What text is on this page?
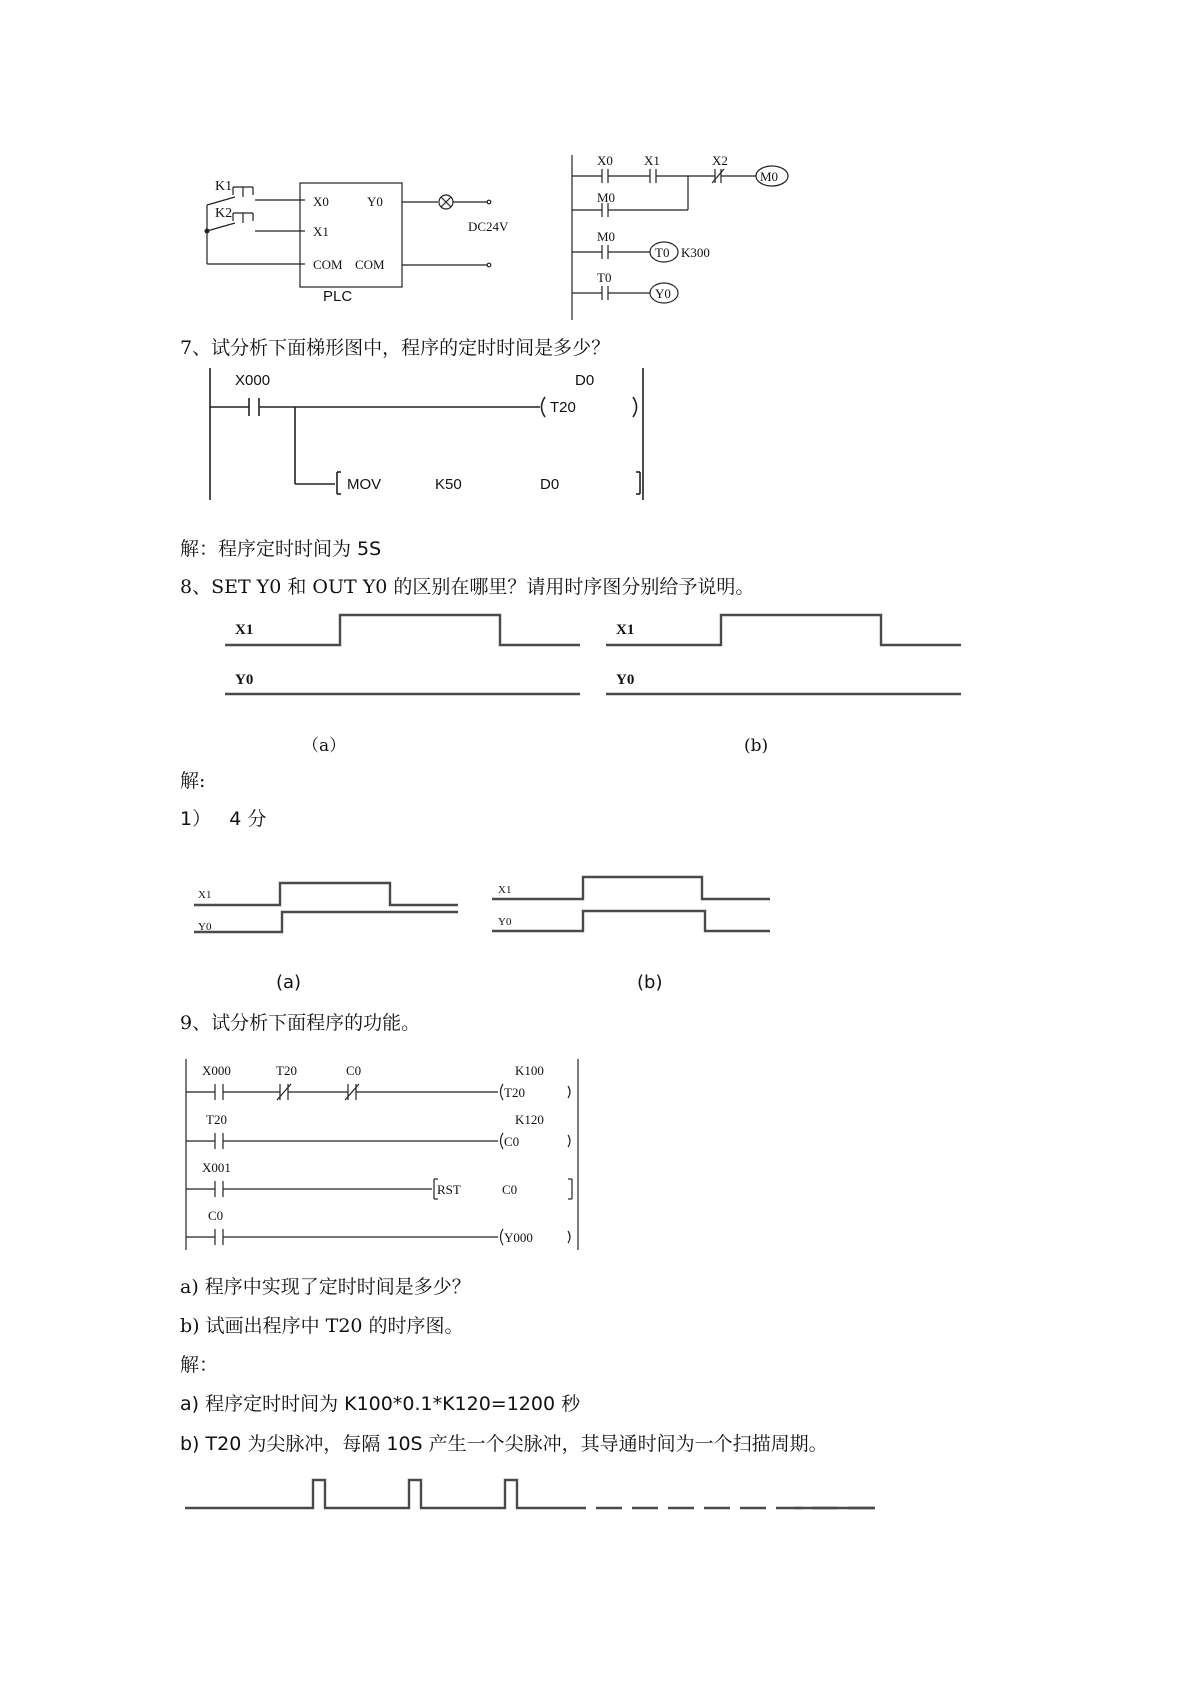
K1
K2
X0
X1
COM
Y0
COM
PLC
DC24V
X0 X1	X2
M0
M0
M0
T0 K300
T0
Y0
7、试分析下面梯形图中，程序的定时时间是多少？
X000	D0
T20
MOV	K50	D0
解：程序定时时间为 5S
8、SET Y0 和 OUT Y0 的区别在哪里？请用时序图分别给予说明。
X1
Y0
X1
Y0
（a）	(b)
解:
1）   4 分
X1
Y0
X1
Y0
(a)	(b)
9、试分析下面程序的功能。
X000	T20	C0	K100
T20
T20	K120
C0
X001
RST	C0
C0
Y000
a) 程序中实现了定时时间是多少？
b) 试画出程序中 T20 的时序图。
解：
a) 程序定时时间为 K100*0.1*K120=1200 秒
b) T20 为尖脉冲，每隔 10S 产生一个尖脉冲，其导通时间为一个扫描周期。
